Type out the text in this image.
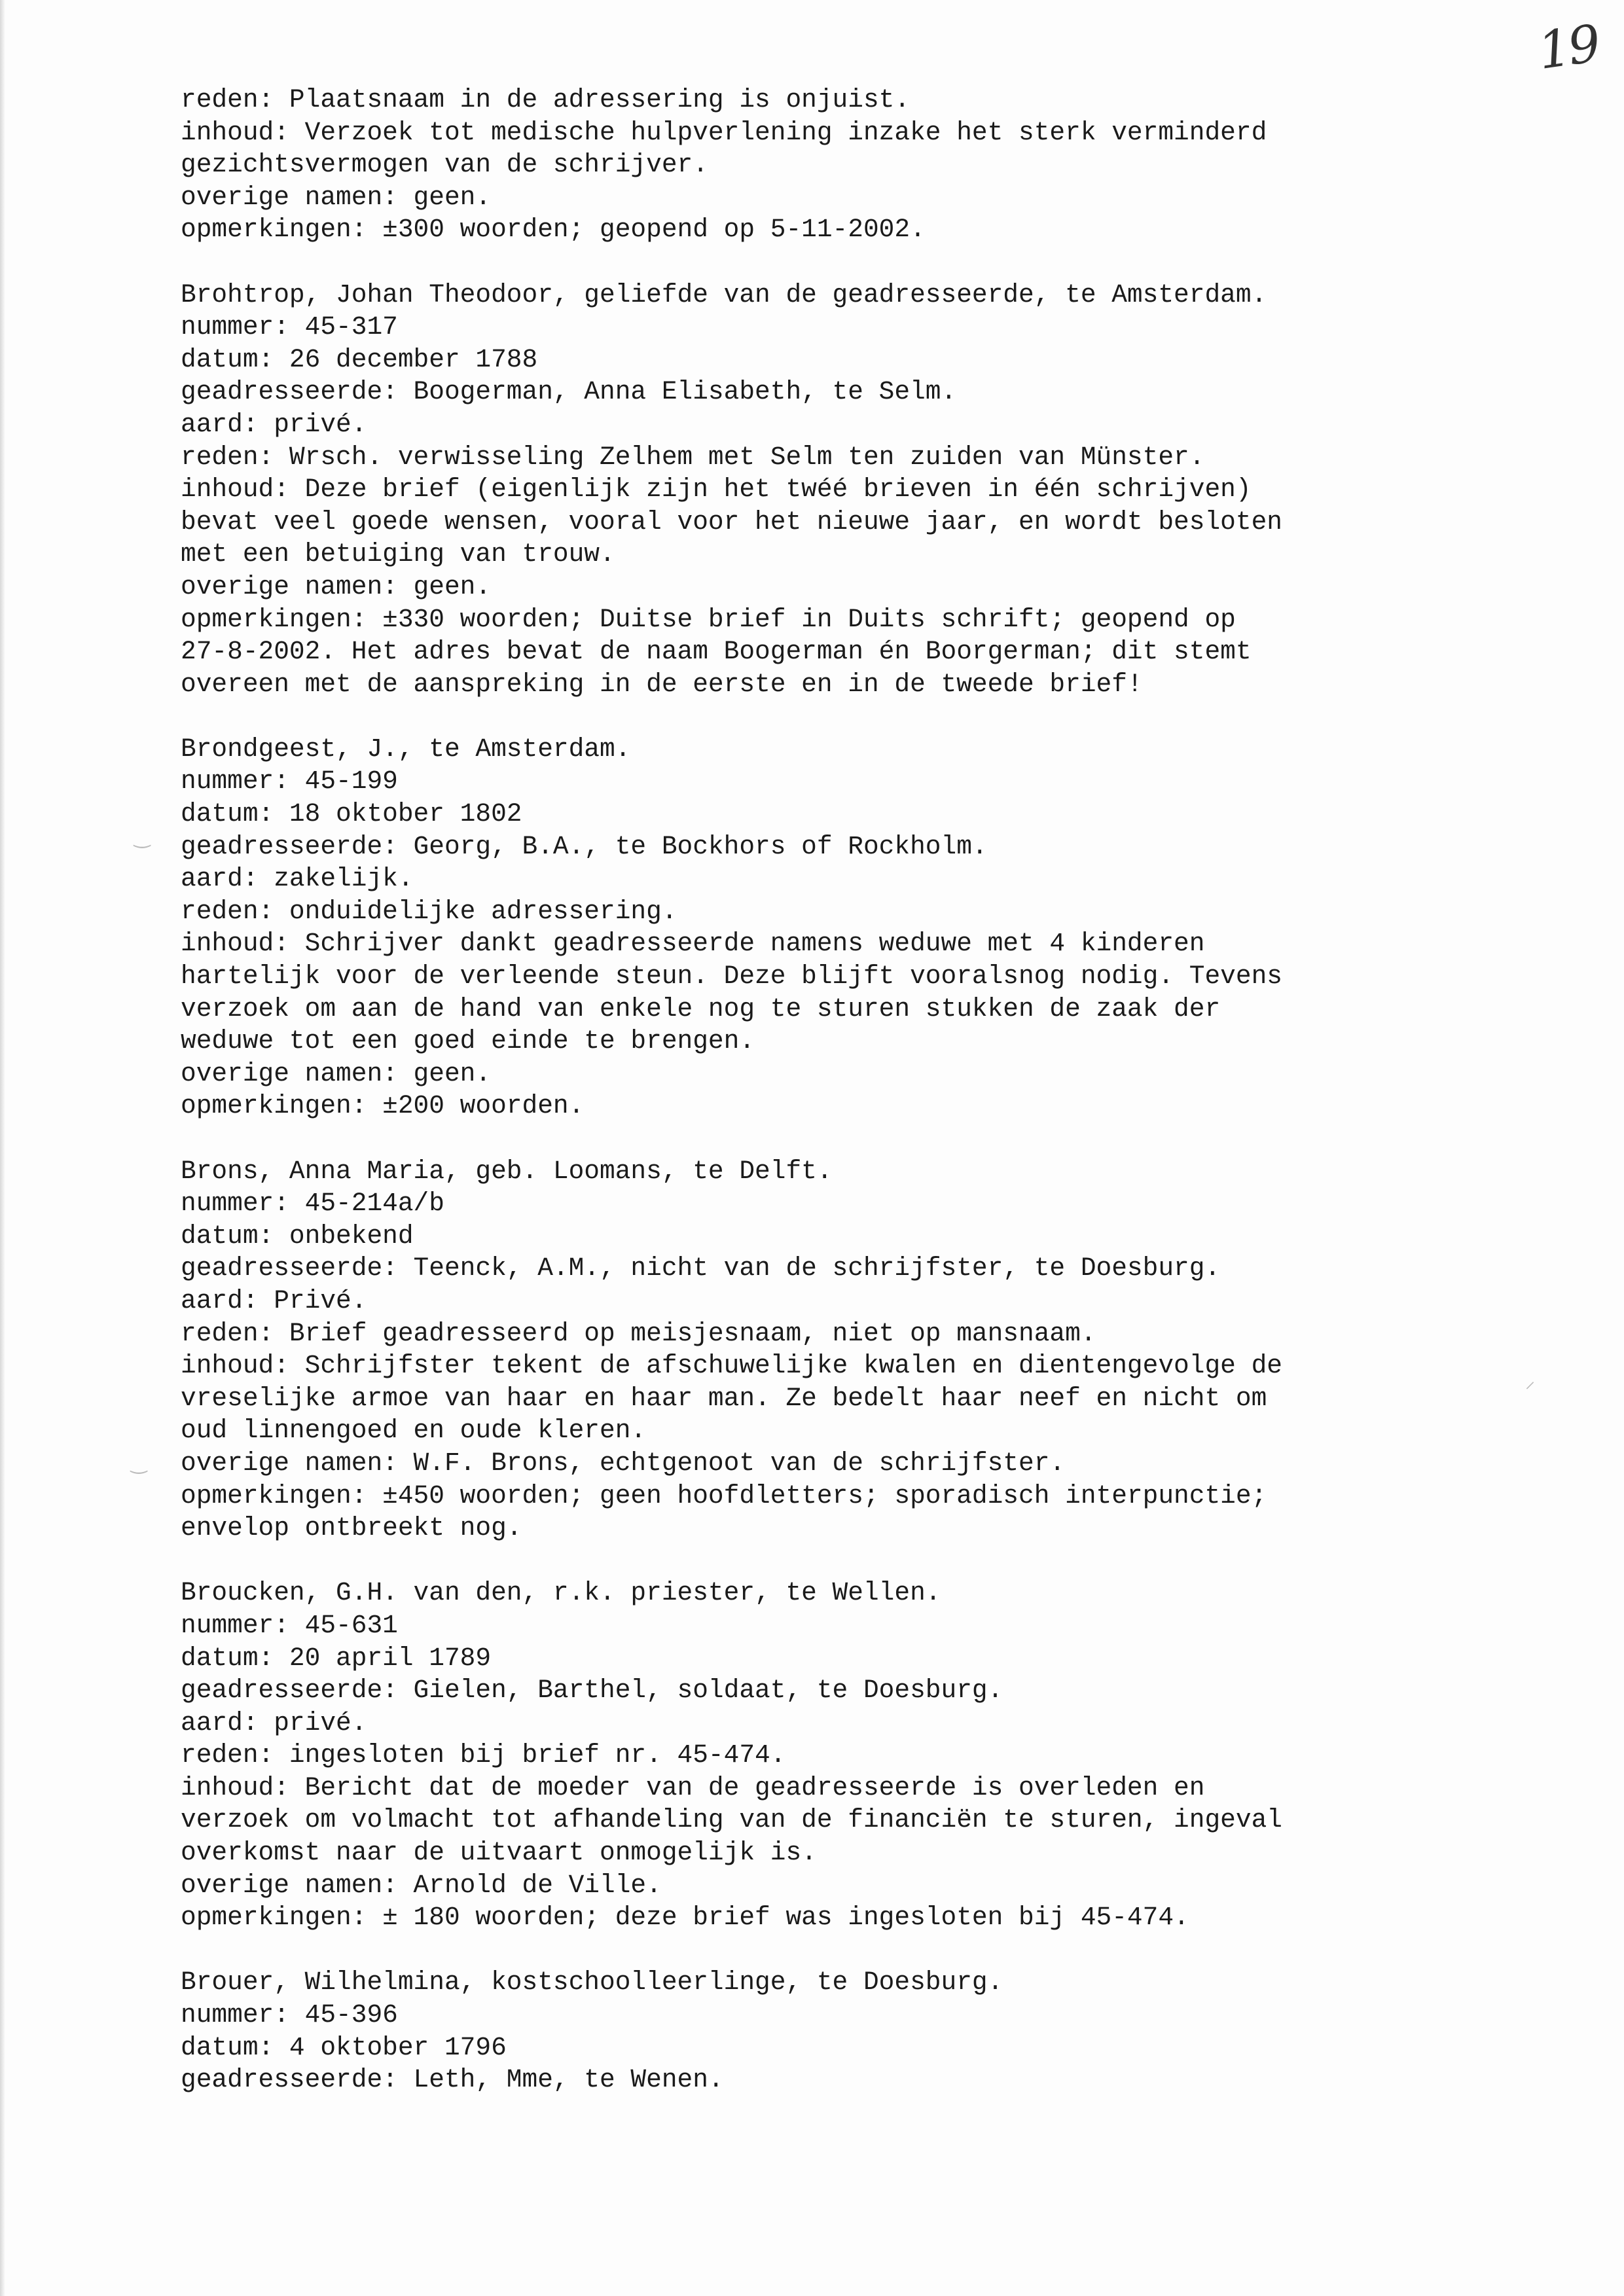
19
‿
⸝
‿
reden: Plaatsnaam in de adressering is onjuist.
inhoud: Verzoek tot medische hulpverlening inzake het sterk verminderd
gezichtsvermogen van de schrijver.
overige namen: geen.
opmerkingen: ±300 woorden; geopend op 5-11-2002.
Brohtrop, Johan Theodoor, geliefde van de geadresseerde, te Amsterdam.
nummer: 45-317
datum: 26 december 1788
geadresseerde: Boogerman, Anna Elisabeth, te Selm.
aard: privé.
reden: Wrsch. verwisseling Zelhem met Selm ten zuiden van Münster.
inhoud: Deze brief (eigenlijk zijn het twéé brieven in één schrijven)
bevat veel goede wensen, vooral voor het nieuwe jaar, en wordt besloten
met een betuiging van trouw.
overige namen: geen.
opmerkingen: ±330 woorden; Duitse brief in Duits schrift; geopend op
27-8-2002. Het adres bevat de naam Boogerman én Boorgerman; dit stemt
overeen met de aanspreking in de eerste en in de tweede brief!
Brondgeest, J., te Amsterdam.
nummer: 45-199
datum: 18 oktober 1802
geadresseerde: Georg, B.A., te Bockhors of Rockholm.
aard: zakelijk.
reden: onduidelijke adressering.
inhoud: Schrijver dankt geadresseerde namens weduwe met 4 kinderen
hartelijk voor de verleende steun. Deze blijft vooralsnog nodig. Tevens
verzoek om aan de hand van enkele nog te sturen stukken de zaak der
weduwe tot een goed einde te brengen.
overige namen: geen.
opmerkingen: ±200 woorden.
Brons, Anna Maria, geb. Loomans, te Delft.
nummer: 45-214a/b
datum: onbekend
geadresseerde: Teenck, A.M., nicht van de schrijfster, te Doesburg.
aard: Privé.
reden: Brief geadresseerd op meisjesnaam, niet op mansnaam.
inhoud: Schrijfster tekent de afschuwelijke kwalen en dientengevolge de
vreselijke armoe van haar en haar man. Ze bedelt haar neef en nicht om
oud linnengoed en oude kleren.
overige namen: W.F. Brons, echtgenoot van de schrijfster.
opmerkingen: ±450 woorden; geen hoofdletters; sporadisch interpunctie;
envelop ontbreekt nog.
Broucken, G.H. van den, r.k. priester, te Wellen.
nummer: 45-631
datum: 20 april 1789
geadresseerde: Gielen, Barthel, soldaat, te Doesburg.
aard: privé.
reden: ingesloten bij brief nr. 45-474.
inhoud: Bericht dat de moeder van de geadresseerde is overleden en
verzoek om volmacht tot afhandeling van de financiën te sturen, ingeval
overkomst naar de uitvaart onmogelijk is.
overige namen: Arnold de Ville.
opmerkingen: ± 180 woorden; deze brief was ingesloten bij 45-474.
Brouer, Wilhelmina, kostschoolleerlinge, te Doesburg.
nummer: 45-396
datum: 4 oktober 1796
geadresseerde: Leth, Mme, te Wenen.
